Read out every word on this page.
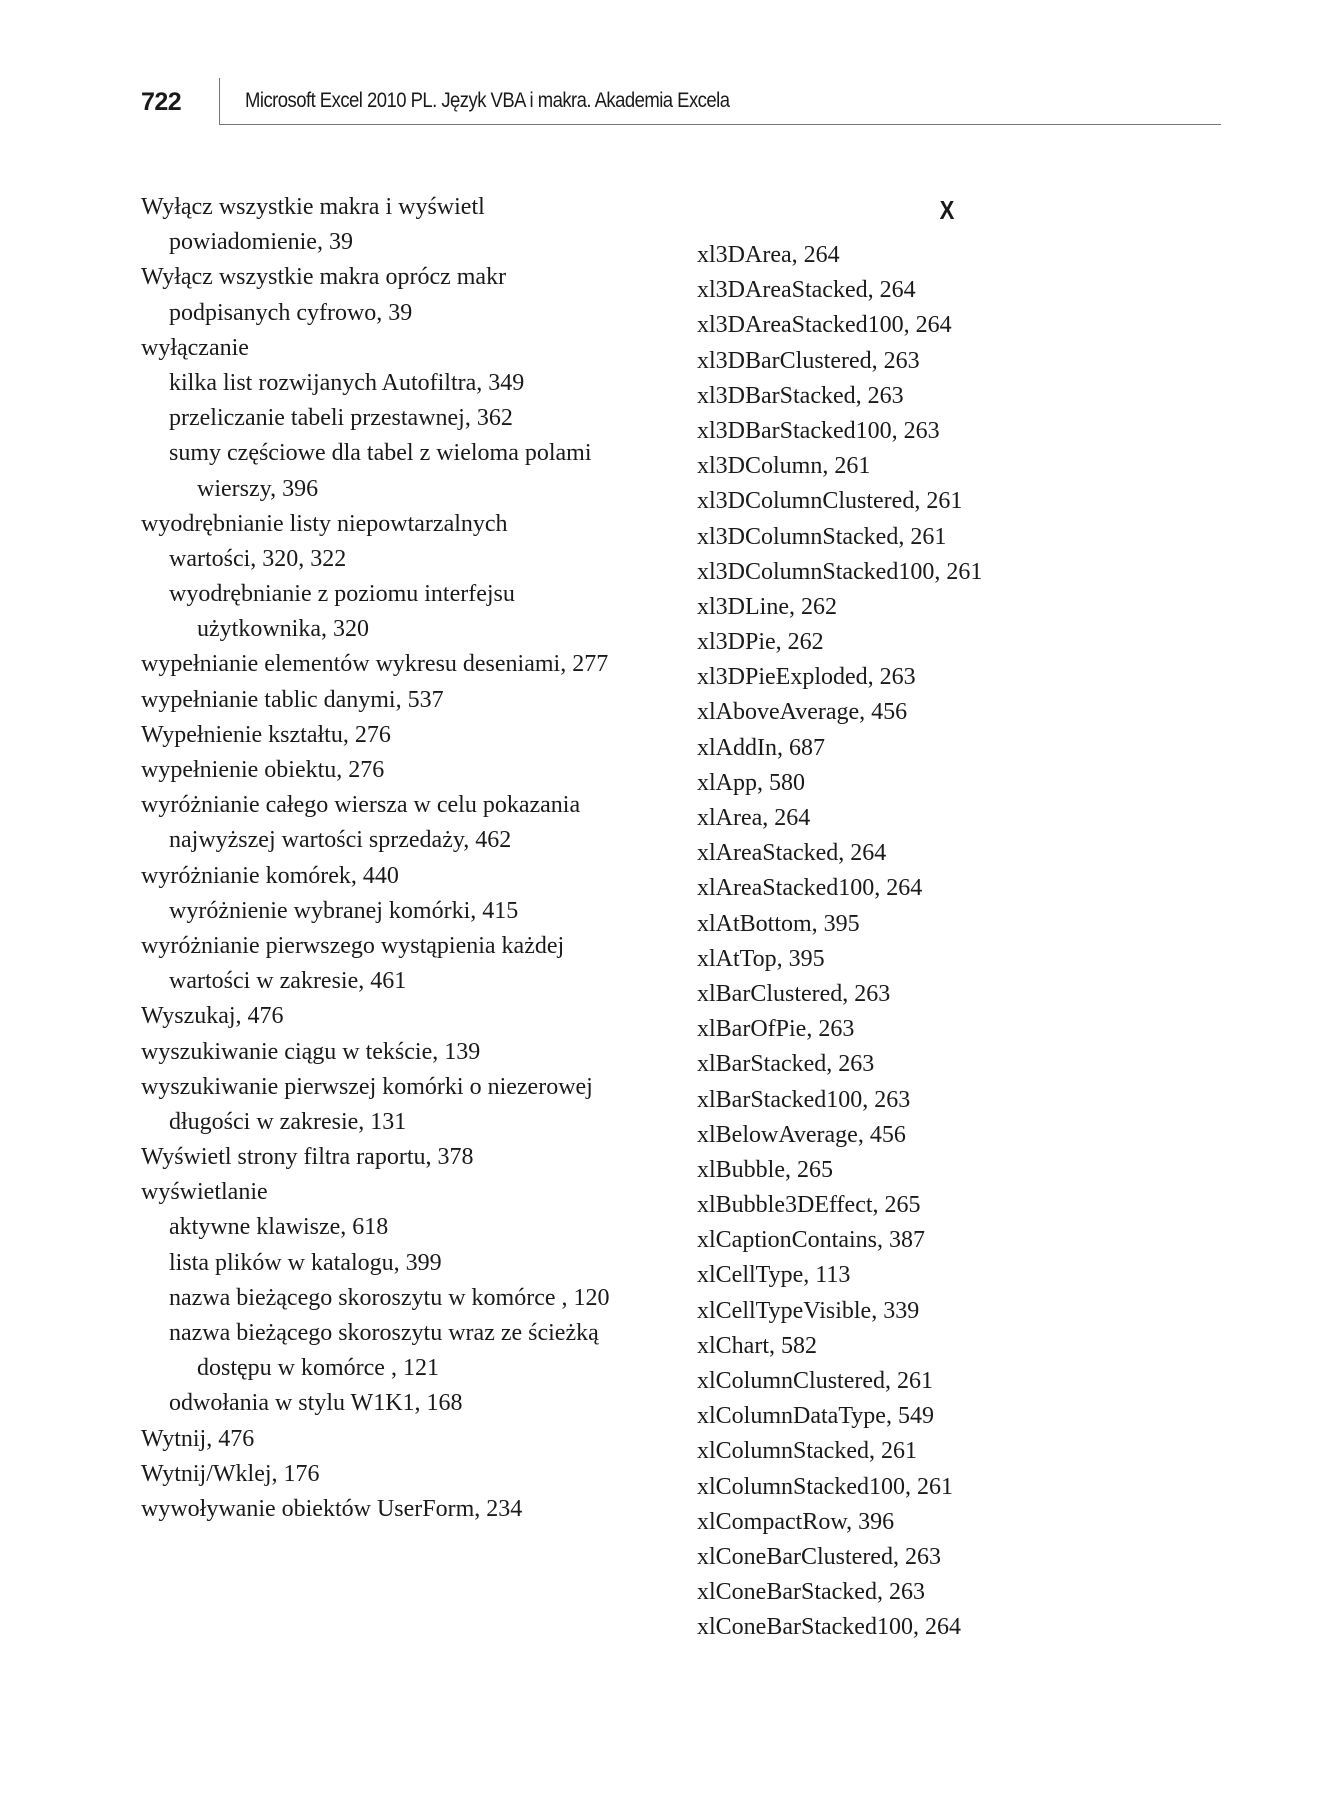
722	Microsoft Excel 2010 PL. Język VBA i makra. Akademia Excela
Wyłącz wszystkie makra i wyświetl
powiadomienie, 39
Wyłącz wszystkie makra oprócz makr
podpisanych cyfrowo, 39
wyłączanie
kilka list rozwijanych Autofiltra, 349
przeliczanie tabeli przestawnej, 362
sumy częściowe dla tabel z wieloma polami
wierszy, 396
wyodrębnianie listy niepowtarzalnych
wartości, 320, 322
wyodrębnianie z poziomu interfejsu
użytkownika, 320
wypełnianie elementów wykresu deseniami, 277
wypełnianie tablic danymi, 537
Wypełnienie kształtu, 276
wypełnienie obiektu, 276
wyróżnianie całego wiersza w celu pokazania
najwyższej wartości sprzedaży, 462
wyróżnianie komórek, 440
wyróżnienie wybranej komórki, 415
wyróżnianie pierwszego wystąpienia każdej
wartości w zakresie, 461
Wyszukaj, 476
wyszukiwanie ciągu w tekście, 139
wyszukiwanie pierwszej komórki o niezerowej
długości w zakresie, 131
Wyświetl strony filtra raportu, 378
wyświetlanie
aktywne klawisze, 618
lista plików w katalogu, 399
nazwa bieżącego skoroszytu w komórce , 120
nazwa bieżącego skoroszytu wraz ze ścieżką
dostępu w komórce , 121
odwołania w stylu W1K1, 168
Wytnij, 476
Wytnij/Wklej, 176
wywoływanie obiektów UserForm, 234
X
xl3DArea, 264
xl3DAreaStacked, 264
xl3DAreaStacked100, 264
xl3DBarClustered, 263
xl3DBarStacked, 263
xl3DBarStacked100, 263
xl3DColumn, 261
xl3DColumnClustered, 261
xl3DColumnStacked, 261
xl3DColumnStacked100, 261
xl3DLine, 262
xl3DPie, 262
xl3DPieExploded, 263
xlAboveAverage, 456
xlAddIn, 687
xlApp, 580
xlArea, 264
xlAreaStacked, 264
xlAreaStacked100, 264
xlAtBottom, 395
xlAtTop, 395
xlBarClustered, 263
xlBarOfPie, 263
xlBarStacked, 263
xlBarStacked100, 263
xlBelowAverage, 456
xlBubble, 265
xlBubble3DEffect, 265
xlCaptionContains, 387
xlCellType, 113
xlCellTypeVisible, 339
xlChart, 582
xlColumnClustered, 261
xlColumnDataType, 549
xlColumnStacked, 261
xlColumnStacked100, 261
xlCompactRow, 396
xlConeBarClustered, 263
xlConeBarStacked, 263
xlConeBarStacked100, 264
